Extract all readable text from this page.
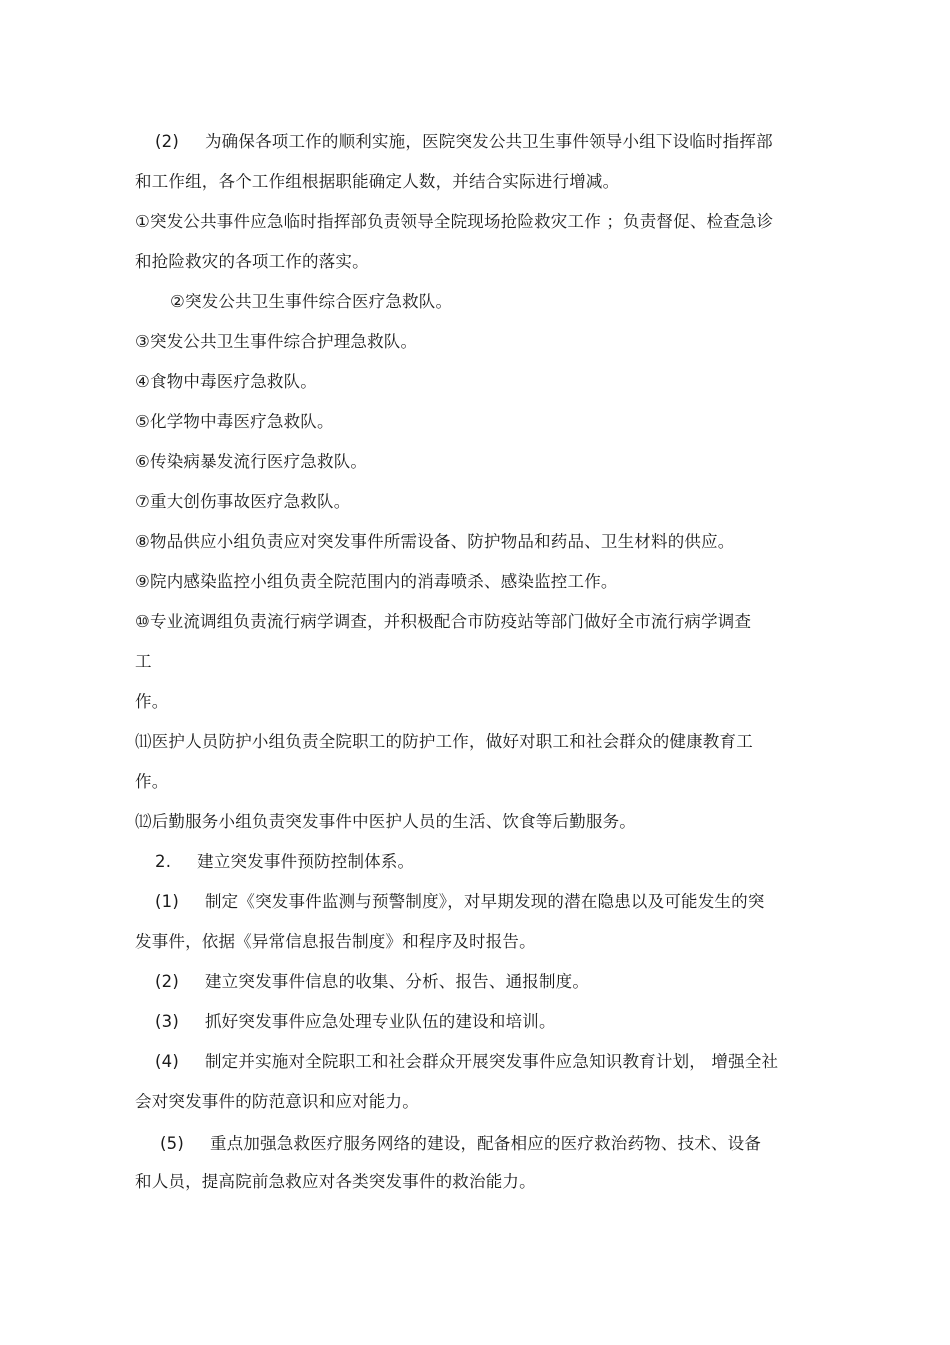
(2) 为确保各项工作的顺利实施，医院突发公共卫生事件领导小组下设临时指挥部
和工作组，各个工作组根据职能确定人数，并结合实际进行增减。
①突发公共事件应急临时指挥部负责领导全院现场抢险救灾工作 ；负责督促、检查急诊
和抢险救灾的各项工作的落实。
②突发公共卫生事件综合医疗急救队。
③突发公共卫生事件综合护理急救队。
④食物中毒医疗急救队。
⑤化学物中毒医疗急救队。
⑥传染病暴发流行医疗急救队。
⑦重大创伤事故医疗急救队。
⑧物品供应小组负责应对突发事件所需设备、防护物品和药品、卫生材料的供应。
⑨院内感染监控小组负责全院范围内的消毒喷杀、感染监控工作。
⑩专业流调组负责流行病学调查，并积极配合市防疫站等部门做好全市流行病学调查
工
作。
⑾医护人员防护小组负责全院职工的防护工作，做好对职工和社会群众的健康教育工
作。
⑿后勤服务小组负责突发事件中医护人员的生活、饮食等后勤服务。
2. 建立突发事件预防控制体系。
(1) 制定《突发事件监测与预警制度》，对早期发现的潜在隐患以及可能发生的突
发事件，依据《异常信息报告制度》和程序及时报告。
(2) 建立突发事件信息的收集、分析、报告、通报制度。
(3) 抓好突发事件应急处理专业队伍的建设和培训。
(4) 制定并实施对全院职工和社会群众开展突发事件应急知识教育计划， 增强全社
会对突发事件的防范意识和应对能力。
(5) 重点加强急救医疗服务网络的建设，配备相应的医疗救治药物、技术、设备
和人员，提高院前急救应对各类突发事件的救治能力。
